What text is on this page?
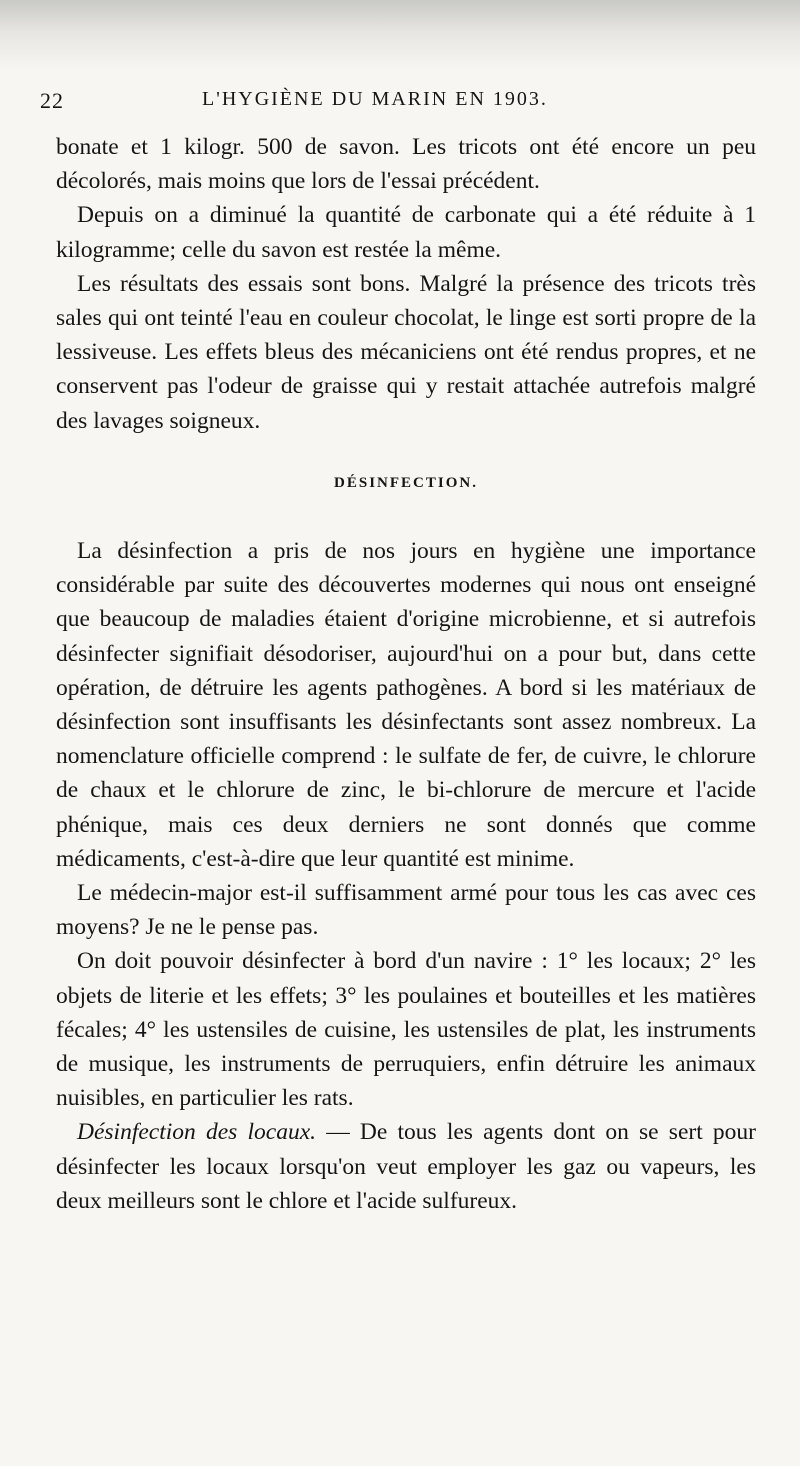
22	L'HYGIÈNE DU MARIN EN 1903.

bonate et 1 kilogr. 500 de savon. Les tricots ont été encore un peu décolorés, mais moins que lors de l'essai précédent.

Depuis on a diminué la quantité de carbonate qui a été réduite à 1 kilogramme; celle du savon est restée la même.

Les résultats des essais sont bons. Malgré la présence des tricots très sales qui ont teinté l'eau en couleur chocolat, le linge est sorti propre de la lessiveuse. Les effets bleus des mécaniciens ont été rendus propres, et ne conservent pas l'odeur de graisse qui y restait attachée autrefois malgré des lavages soigneux.

DÉSINFECTION.

La désinfection a pris de nos jours en hygiène une importance considérable par suite des découvertes modernes qui nous ont enseigné que beaucoup de maladies étaient d'origine microbienne, et si autrefois désinfecter signifiait désodoriser, aujourd'hui on a pour but, dans cette opération, de détruire les agents pathogènes. A bord si les matériaux de désinfection sont insuffisants les désinfectants sont assez nombreux. La nomenclature officielle comprend : le sulfate de fer, de cuivre, le chlorure de chaux et le chlorure de zinc, le bi-chlorure de mercure et l'acide phénique, mais ces deux derniers ne sont donnés que comme médicaments, c'est-à-dire que leur quantité est minime.

Le médecin-major est-il suffisamment armé pour tous les cas avec ces moyens? Je ne le pense pas.

On doit pouvoir désinfecter à bord d'un navire : 1° les locaux; 2° les objets de literie et les effets; 3° les poulaines et bouteilles et les matières fécales; 4° les ustensiles de cuisine, les ustensiles de plat, les instruments de musique, les instruments de perruquiers, enfin détruire les animaux nuisibles, en particulier les rats.

Désinfection des locaux. — De tous les agents dont on se sert pour désinfecter les locaux lorsqu'on veut employer les gaz ou vapeurs, les deux meilleurs sont le chlore et l'acide sulfureux.
